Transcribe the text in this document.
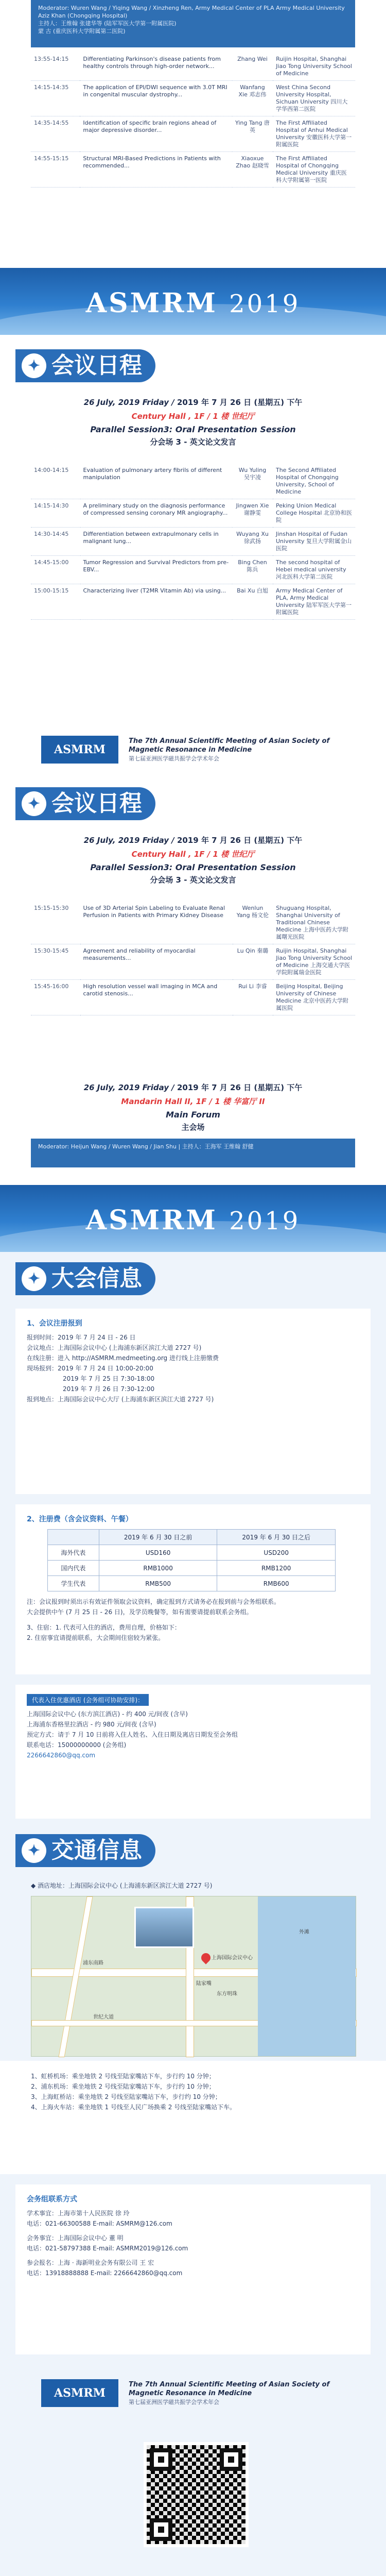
Moderator: Wuren Wang / Yiqing Wang / Xinzheng Ren, Army Medical Center of PLA Army Medical University
Aziz Khan (Chongqing Hospital)
主持人：王维翰 张建华等 (陆军军医大学第一附属医院)
蒙 古 (重庆医科大学附属第二医院)
13:55-14:15	Differentiating Parkinson's disease patients from healthy controls through high-order network...	Zhang Wei	Ruijin Hospital, Shanghai Jiao Tong University School of Medicine
14:15-14:35	The application of EPI/DWI sequence with 3.0T MRI in congenital muscular dystrophy...	Wanfang Xie 邓志伟	West China Second University Hospital, Sichuan University 四川大学华西第二医院
14:35-14:55	Identification of specific brain regions ahead of major depressive disorder...	Ying Tang 唐英	The First Affiliated Hospital of Anhui Medical University 安徽医科大学第一附属医院
14:55-15:15	Structural MRI-Based Predictions in Patients with recommended...	Xiaoxue Zhao 赵晓雪	The First Affiliated Hospital of Chongqing Medical University 重庆医科大学附属第一医院
ASMRM 2019
✦ 会议日程
26 July, 2019 Friday / 2019 年 7 月 26 日 (星期五) 下午
Century Hall , 1F / 1 楼 世纪厅
Parallel Session3: Oral Presentation Session
分会场 3 - 英文论文发言
14:00-14:15	Evaluation of pulmonary artery fibrils of different manipulation	Wu Yuling 吴宇凌	The Second Affiliated Hospital of Chongqing University, School of Medicine
14:15-14:30	A preliminary study on the diagnosis performance of compressed sensing coronary MR angiography...	Jingwen Xie 谢静雯	Peking Union Medical College Hospital 北京协和医院
14:30-14:45	Differentiation between extrapulmonary cells in malignant lung...	Wuyang Xu 徐武扬	Jinshan Hospital of Fudan University 复旦大学附属金山医院
14:45-15:00	Tumor Regression and Survival Predictors from pre-EBV...	Bing Chen 陈兵	The second hospital of Hebei medical university 河北医科大学第二医院
15:00-15:15	Characterizing liver (T2MR Vitamin Ab) via using...	Bai Xu 白旭	Army Medical Center of PLA, Army Medical University 陆军军医大学第一附属医院
ASMRM
The 7th Annual Scientific Meeting of Asian Society of Magnetic Resonance in Medicine
第七届亚洲医学磁共振学会学术年会
✦ 会议日程
26 July, 2019 Friday / 2019 年 7 月 26 日 (星期五) 下午
Century Hall , 1F / 1 楼 世纪厅
Parallel Session3: Oral Presentation Session
分会场 3 - 英文论文发言
15:15-15:30	Use of 3D Arterial Spin Labeling to Evaluate Renal Perfusion in Patients with Primary Kidney Disease	Wenlun Yang 杨文伦	Shuguang Hospital, Shanghai University of Traditional Chinese Medicine 上海中医药大学附属曙光医院
15:30-15:45	Agreement and reliability of myocardial measurements...	Lu Qin 秦璐	Ruijin Hospital, Shanghai Jiao Tong University School of Medicine 上海交通大学医学院附属瑞金医院
15:45-16:00	High resolution vessel wall imaging in MCA and carotid stenosis...	Rui Li 李睿	Beijing Hospital, Beijing University of Chinese Medicine 北京中医药大学附属医院
26 July, 2019 Friday / 2019 年 7 月 26 日 (星期五) 下午
Mandarin Hall II, 1F / 1 楼 华富厅 II
Main Forum
主会场
Moderator: Heijun Wang / Wuren Wang / Jian Shu | 主持人：王海军 王维翰 舒健
ASMRM 2019
✦ 大会信息
1、会议注册报到
报到时间：2019 年 7 月 24 日 - 26 日
会议地点：上海国际会议中心 (上海浦东新区滨江大道 2727 号)
在线注册：进入 http://ASMRM.medmeeting.org 进行线上注册缴费
现场报到：2019 年 7 月 24 日 10:00-20:00
2019 年 7 月 25 日 7:30-18:00
2019 年 7 月 26 日 7:30-12:00
报到地点：上海国际会议中心大厅 (上海浦东新区滨江大道 2727 号)
2、注册费（含会议资料、午餐）
	2019 年 6 月 30 日之前	2019 年 6 月 30 日之后
海外代表	USD160	USD200
国内代表	RMB1000	RMB1200
学生代表	RMB500	RMB600
注：会议报到时须出示有效证件领取会议资料，确定报到方式请务必在报到前与会务组联系。
大会提供中午 (7 月 25 日 - 26 日)，及学员晚餐等，如有需要请提前联系会务组。
3、住宿：1. 代表可入住的酒店，费用自理，价格如下：
2. 住宿事宜请提前联系，大会期间住宿较为紧张。
代表入住优惠酒店 (会务组可协助安排)：
上海国际会议中心 (东方滨江酒店) - 约 400 元/间夜 (含早)
上海浦东香格里拉酒店 - 约 980 元/间夜 (含早)
预定方式：请于 7 月 10 日前将入住人姓名、入住日期及离店日期发至会务组
联系电话：15000000000 (会务组)
2266642860@qq.com
✦ 交通信息
◆ 酒店地址：上海国际会议中心 (上海浦东新区滨江大道 2727 号)
上海国际会议中心
东方明珠
陆家嘴
浦东南路
世纪大道
外滩
1、虹桥机场：乘坐地铁 2 号线至陆家嘴站下车，步行约 10 分钟；
2、浦东机场：乘坐地铁 2 号线至陆家嘴站下车，步行约 10 分钟；
3、上海虹桥站：乘坐地铁 2 号线至陆家嘴站下车，步行约 10 分钟；
4、上海火车站：乘坐地铁 1 号线至人民广场换乘 2 号线至陆家嘴站下车。
会务组联系方式
学术事宜：上海市第十人民医院 徐 玲
电话：021-66300588 E-mail: ASMRM@126.com
会务事宜：上海国际会议中心 董 明
电话：021-58797388 E-mail: ASMRM2019@126.com
参会报名：上海 · 海新明业会务有限公司 王 宏
电话：13918888888 E-mail: 2266642860@qq.com
ASMRM
The 7th Annual Scientific Meeting of Asian Society of Magnetic Resonance in Medicine
第七届亚洲医学磁共振学会学术年会
